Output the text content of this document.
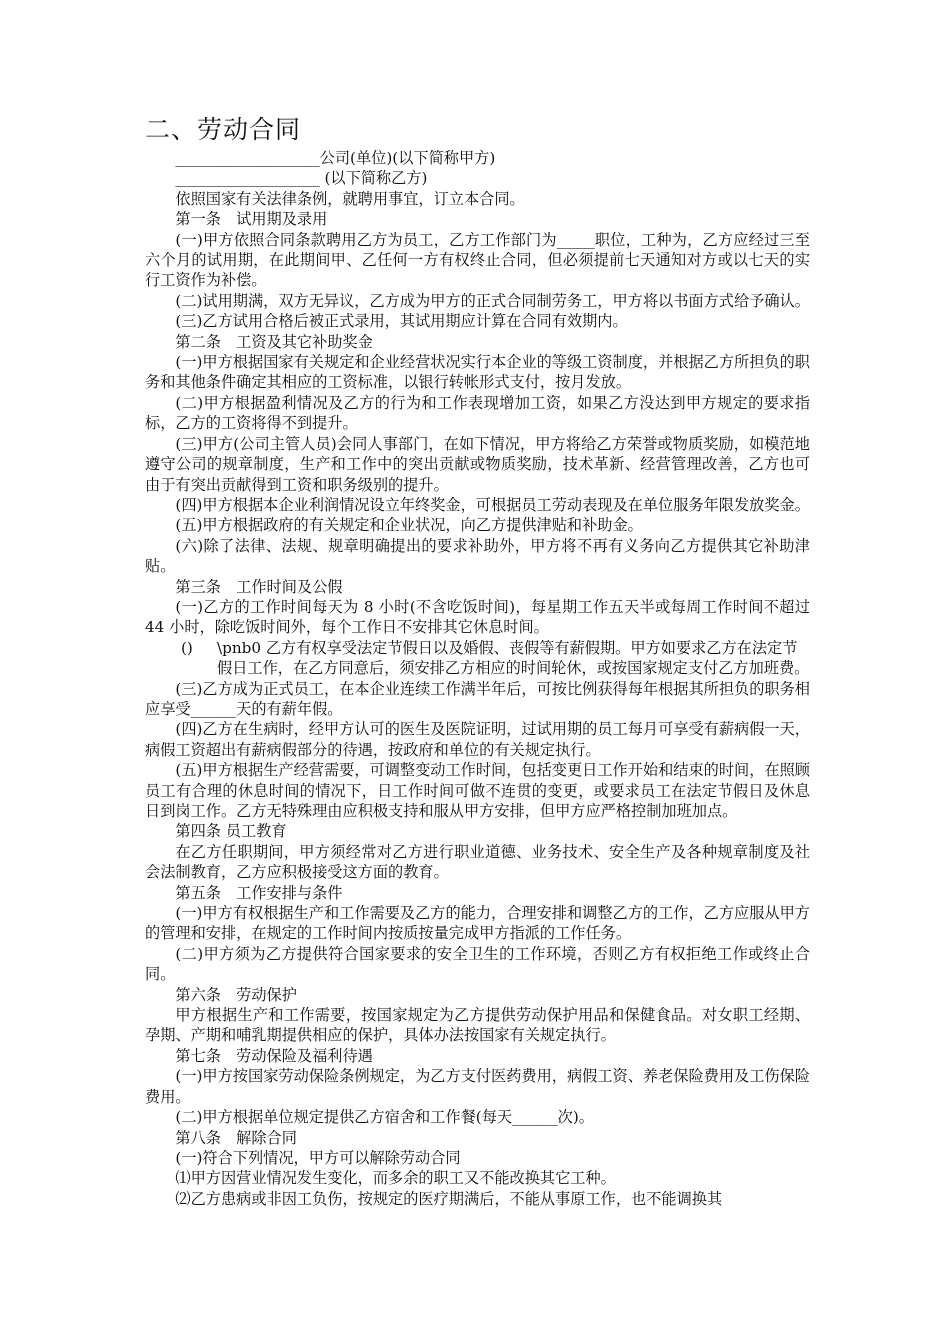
二、劳动合同
___________________公司(单位)(以下简称甲方)
___________________ (以下简称乙方)
依照国家有关法律条例，就聘用事宜，订立本合同。
第一条　试用期及录用
(一)甲方依照合同条款聘用乙方为员工，乙方工作部门为_____职位，工种为，乙方应经过三至六个月的试用期，在此期间甲、乙任何一方有权终止合同，但必须提前七天通知对方或以七天的实行工资作为补偿。
(二)试用期满，双方无异议，乙方成为甲方的正式合同制劳务工，甲方将以书面方式给予确认。
(三)乙方试用合格后被正式录用，其试用期应计算在合同有效期内。
第二条　工资及其它补助奖金
(一)甲方根据国家有关规定和企业经营状况实行本企业的等级工资制度，并根据乙方所担负的职务和其他条件确定其相应的工资标准，以银行转帐形式支付，按月发放。
(二)甲方根据盈利情况及乙方的行为和工作表现增加工资，如果乙方没达到甲方规定的要求指标，乙方的工资将得不到提升。
(三)甲方(公司主管人员)会同人事部门，在如下情况，甲方将给乙方荣誉或物质奖励，如模范地遵守公司的规章制度，生产和工作中的突出贡献或物质奖励，技术革新、经营管理改善，乙方也可由于有突出贡献得到工资和职务级别的提升。
(四)甲方根据本企业利润情况设立年终奖金，可根据员工劳动表现及在单位服务年限发放奖金。
(五)甲方根据政府的有关规定和企业状况，向乙方提供津贴和补助金。
(六)除了法律、法规、规章明确提出的要求补助外，甲方将不再有义务向乙方提供其它补助津贴。
第三条　工作时间及公假
(一)乙方的工作时间每天为 8 小时(不含吃饭时间)，每星期工作五天半或每周工作时间不超过 44 小时，除吃饭时间外，每个工作日不安排其它休息时间。
() \pnb0 乙方有权享受法定节假日以及婚假、丧假等有薪假期。甲方如要求乙方在法定节假日工作，在乙方同意后，须安排乙方相应的时间轮休，或按国家规定支付乙方加班费。
(三)乙方成为正式员工，在本企业连续工作满半年后，可按比例获得每年根据其所担负的职务相应享受______天的有薪年假。
(四)乙方在生病时，经甲方认可的医生及医院证明，过试用期的员工每月可享受有薪病假一天，病假工资超出有薪病假部分的待遇，按政府和单位的有关规定执行。
(五)甲方根据生产经营需要，可调整变动工作时间，包括变更日工作开始和结束的时间，在照顾员工有合理的休息时间的情况下，日工作时间可做不连贯的变更，或要求员工在法定节假日及休息日到岗工作。乙方无特殊理由应积极支持和服从甲方安排，但甲方应严格控制加班加点。
第四条 员工教育
在乙方任职期间，甲方须经常对乙方进行职业道德、业务技术、安全生产及各种规章制度及社会法制教育，乙方应积极接受这方面的教育。
第五条　工作安排与条件
(一)甲方有权根据生产和工作需要及乙方的能力，合理安排和调整乙方的工作，乙方应服从甲方的管理和安排，在规定的工作时间内按质按量完成甲方指派的工作任务。
(二)甲方须为乙方提供符合国家要求的安全卫生的工作环境，否则乙方有权拒绝工作或终止合同。
第六条　劳动保护
甲方根据生产和工作需要，按国家规定为乙方提供劳动保护用品和保健食品。对女职工经期、孕期、产期和哺乳期提供相应的保护，具体办法按国家有关规定执行。
第七条　劳动保险及福利待遇
(一)甲方按国家劳动保险条例规定，为乙方支付医药费用，病假工资、养老保险费用及工伤保险费用。
(二)甲方根据单位规定提供乙方宿舍和工作餐(每天______次)。
第八条　解除合同
(一)符合下列情况，甲方可以解除劳动合同
⑴甲方因营业情况发生变化，而多余的职工又不能改换其它工种。
⑵乙方患病或非因工负伤，按规定的医疗期满后，不能从事原工作，也不能调换其
